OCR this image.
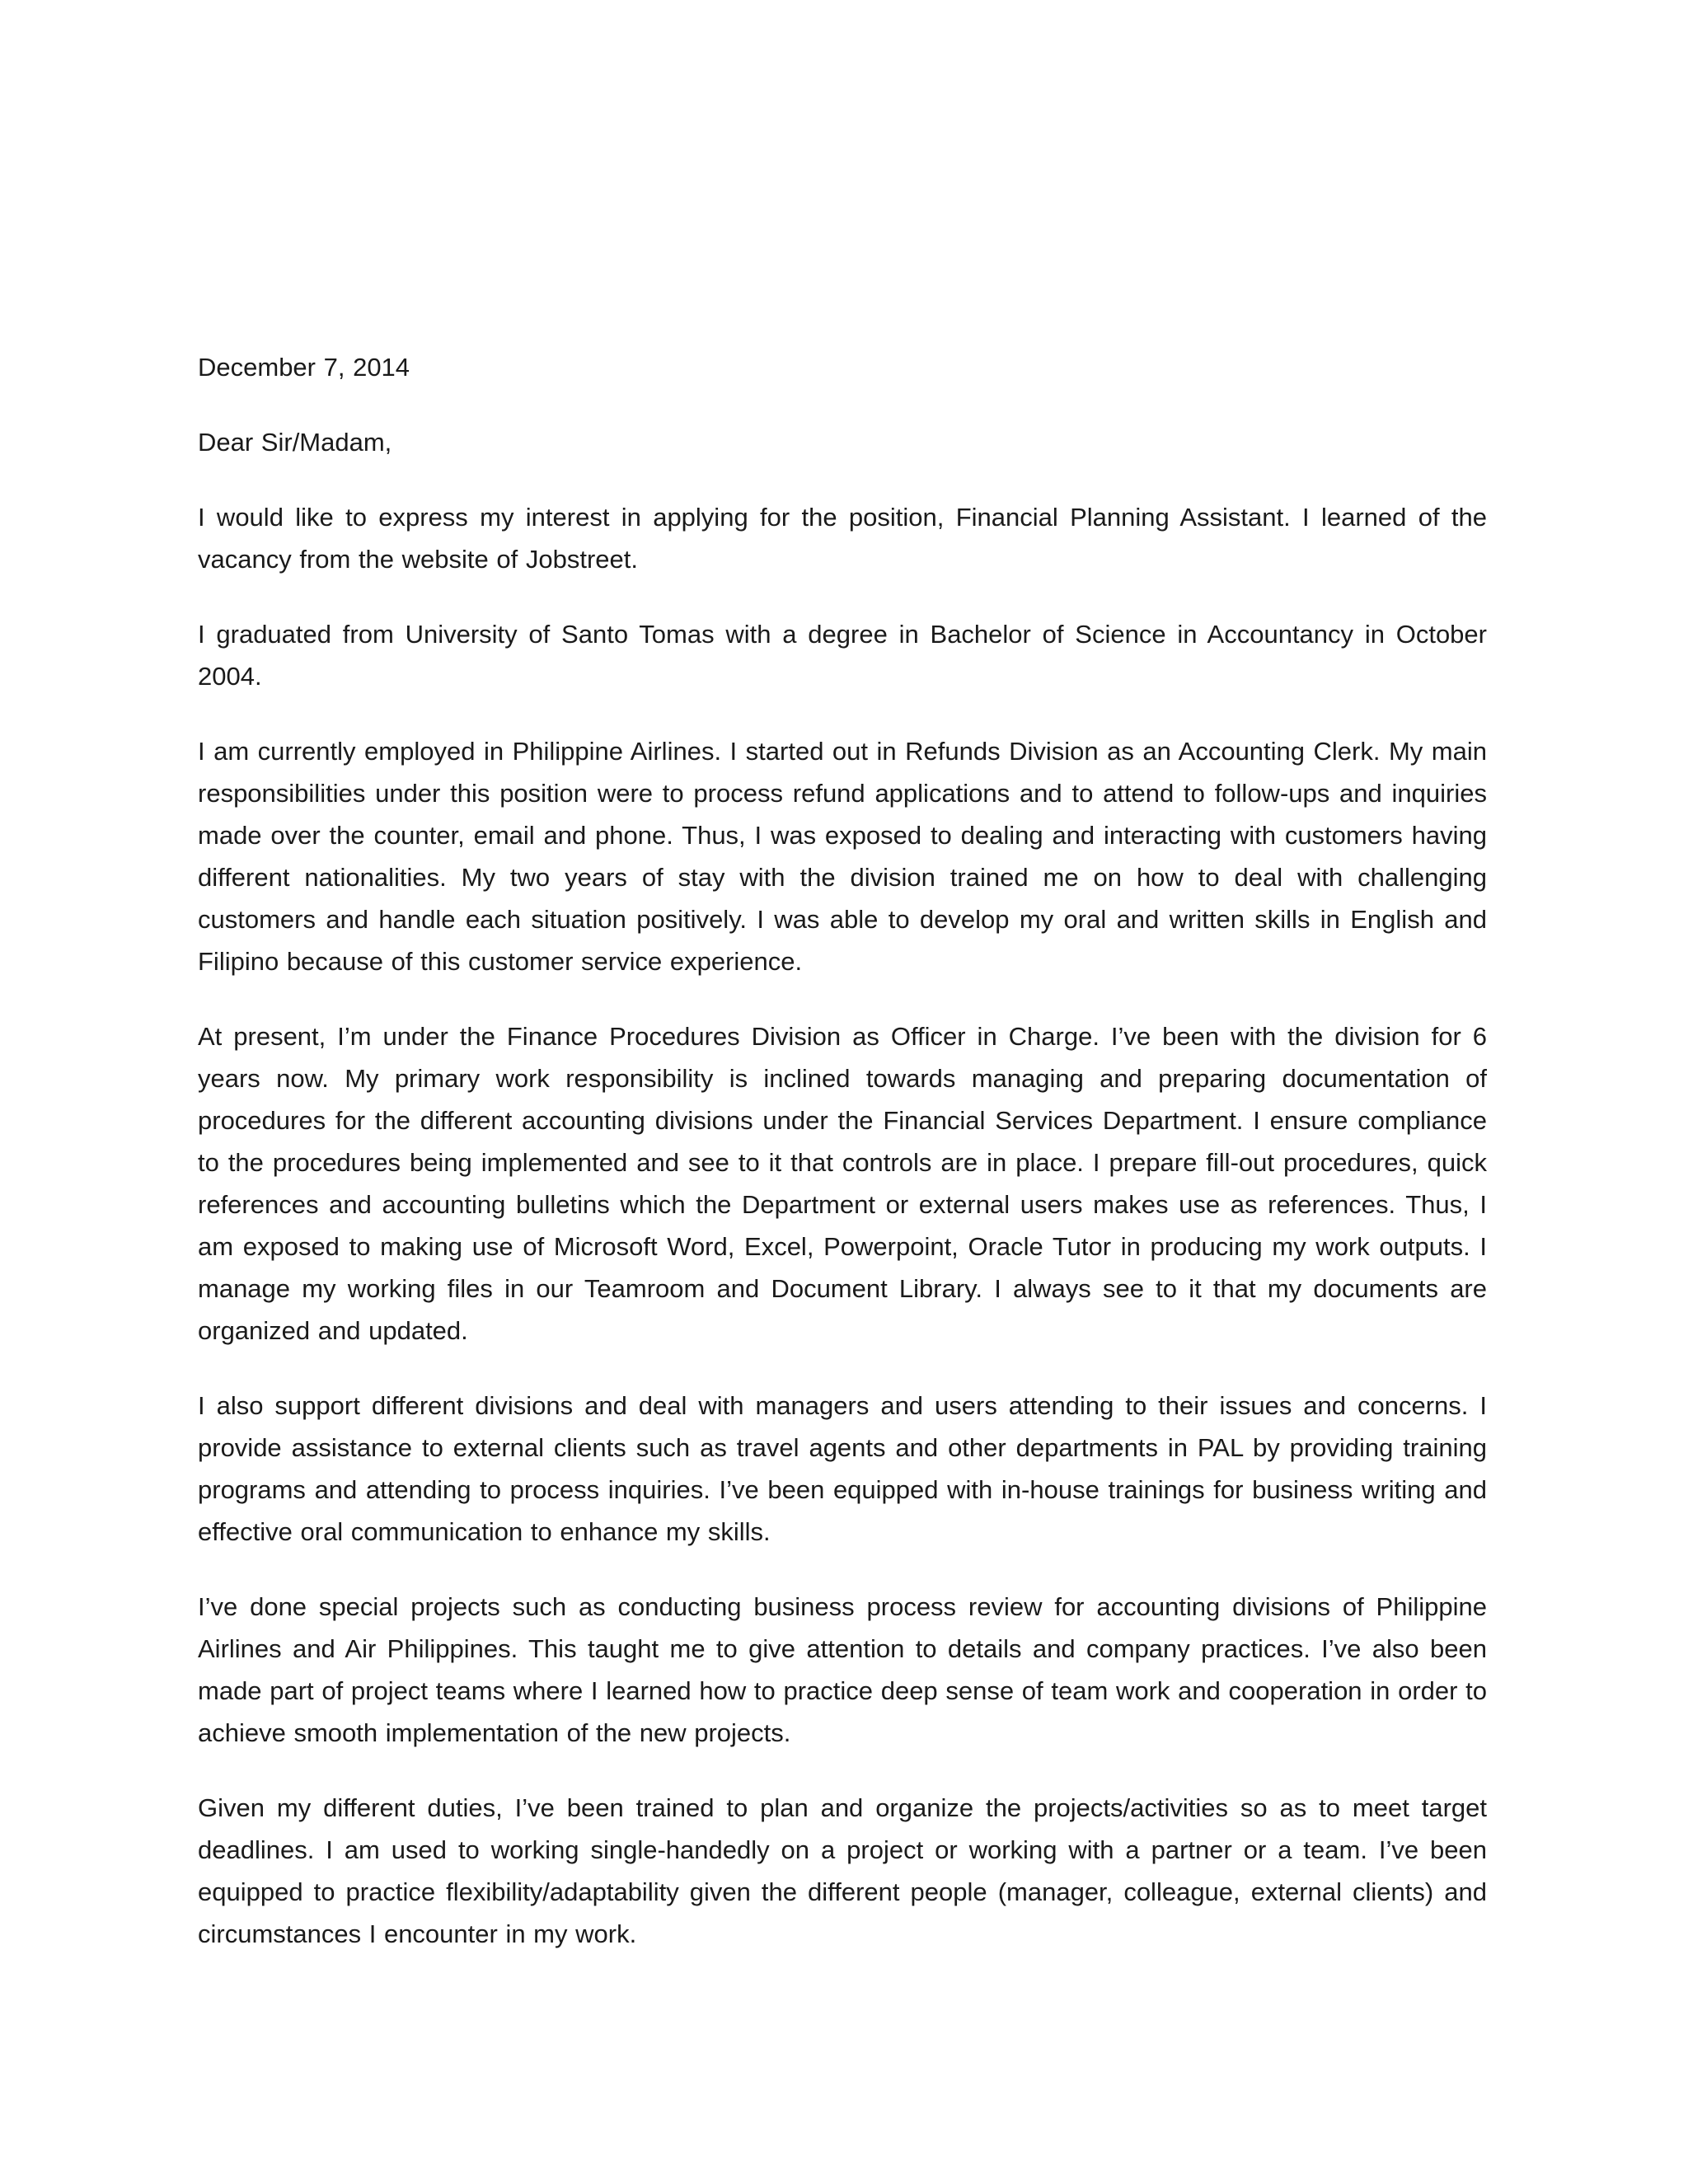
December 7, 2014

Dear Sir/Madam,

I would like to express my interest in applying for the position, Financial Planning Assistant. I learned of the vacancy from the website of Jobstreet.

I graduated from University of Santo Tomas with a degree in Bachelor of Science in Accountancy in October 2004.

I am currently employed in Philippine Airlines. I started out in Refunds Division as an Accounting Clerk. My main responsibilities under this position were to process refund applications and to attend to follow-ups and inquiries made over the counter, email and phone. Thus, I was exposed to dealing and interacting with customers having different nationalities. My two years of stay with the division trained me on how to deal with challenging customers and handle each situation positively. I was able to develop my oral and written skills in English and Filipino because of this customer service experience.

At present, I’m under the Finance Procedures Division as Officer in Charge. I’ve been with the division for 6 years now. My primary work responsibility is inclined towards managing and preparing documentation of procedures for the different accounting divisions under the Financial Services Department. I ensure compliance to the procedures being implemented and see to it that controls are in place. I prepare fill-out procedures, quick references and accounting bulletins which the Department or external users makes use as references. Thus, I am exposed to making use of Microsoft Word, Excel, Powerpoint, Oracle Tutor in producing my work outputs. I manage my working files in our Teamroom and Document Library. I always see to it that my documents are organized and updated.

I also support different divisions and deal with managers and users attending to their issues and concerns. I provide assistance to external clients such as travel agents and other departments in PAL by providing training programs and attending to process inquiries. I’ve been equipped with in-house trainings for business writing and effective oral communication to enhance my skills.

I’ve done special projects such as conducting business process review for accounting divisions of Philippine Airlines and Air Philippines. This taught me to give attention to details and company practices. I’ve also been made part of project teams where I learned how to practice deep sense of team work and cooperation in order to achieve smooth implementation of the new projects.

Given my different duties, I’ve been trained to plan and organize the projects/activities so as to meet target deadlines. I am used to working single-handedly on a project or working with a partner or a team. I’ve been equipped to practice flexibility/adaptability given the different people (manager, colleague, external clients) and circumstances I encounter in my work.
